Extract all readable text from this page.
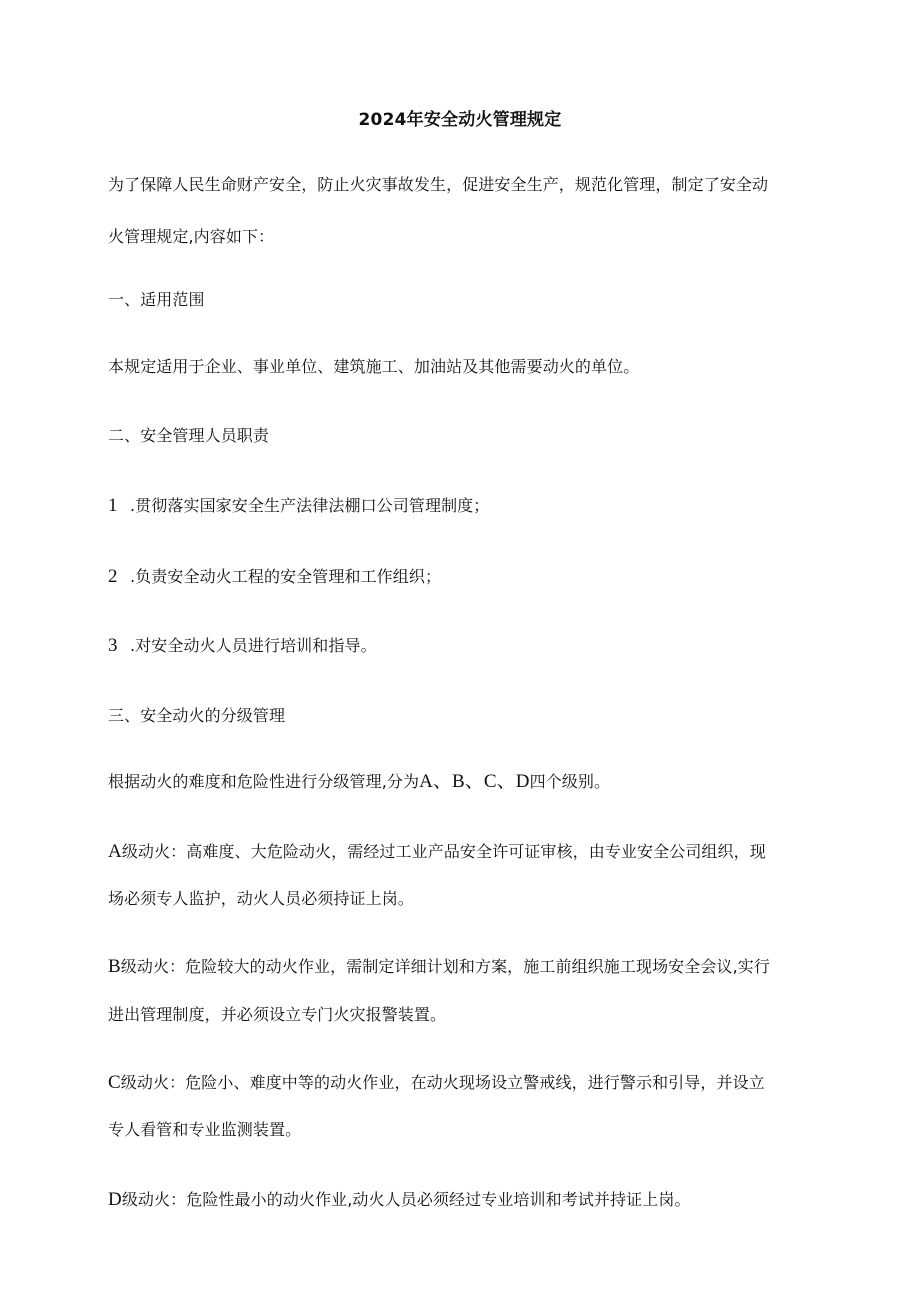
2024年安全动火管理规定
为了保障人民生命财产安全，防止火灾事故发生，促进安全生产，规范化管理，制定了安全动
火管理规定,内容如下：
一、适用范围
本规定适用于企业、事业单位、建筑施工、加油站及其他需要动火的单位。
二、安全管理人员职责
1 .贯彻落实国家安全生产法律法棚口公司管理制度；
2 .负责安全动火工程的安全管理和工作组织；
3 .对安全动火人员进行培训和指导。
三、安全动火的分级管理
根据动火的难度和危险性进行分级管理,分为A、B、C、D四个级别。
A级动火：高难度、大危险动火，需经过工业产品安全许可证审核，由专业安全公司组织，现
场必须专人监护，动火人员必须持证上岗。
B级动火：危险较大的动火作业，需制定详细计划和方案，施工前组织施工现场安全会议,实行
进出管理制度，并必须设立专门火灾报警装置。
C级动火：危险小、难度中等的动火作业，在动火现场设立警戒线，进行警示和引导，并设立
专人看管和专业监测装置。
D级动火：危险性最小的动火作业,动火人员必须经过专业培训和考试并持证上岗。
